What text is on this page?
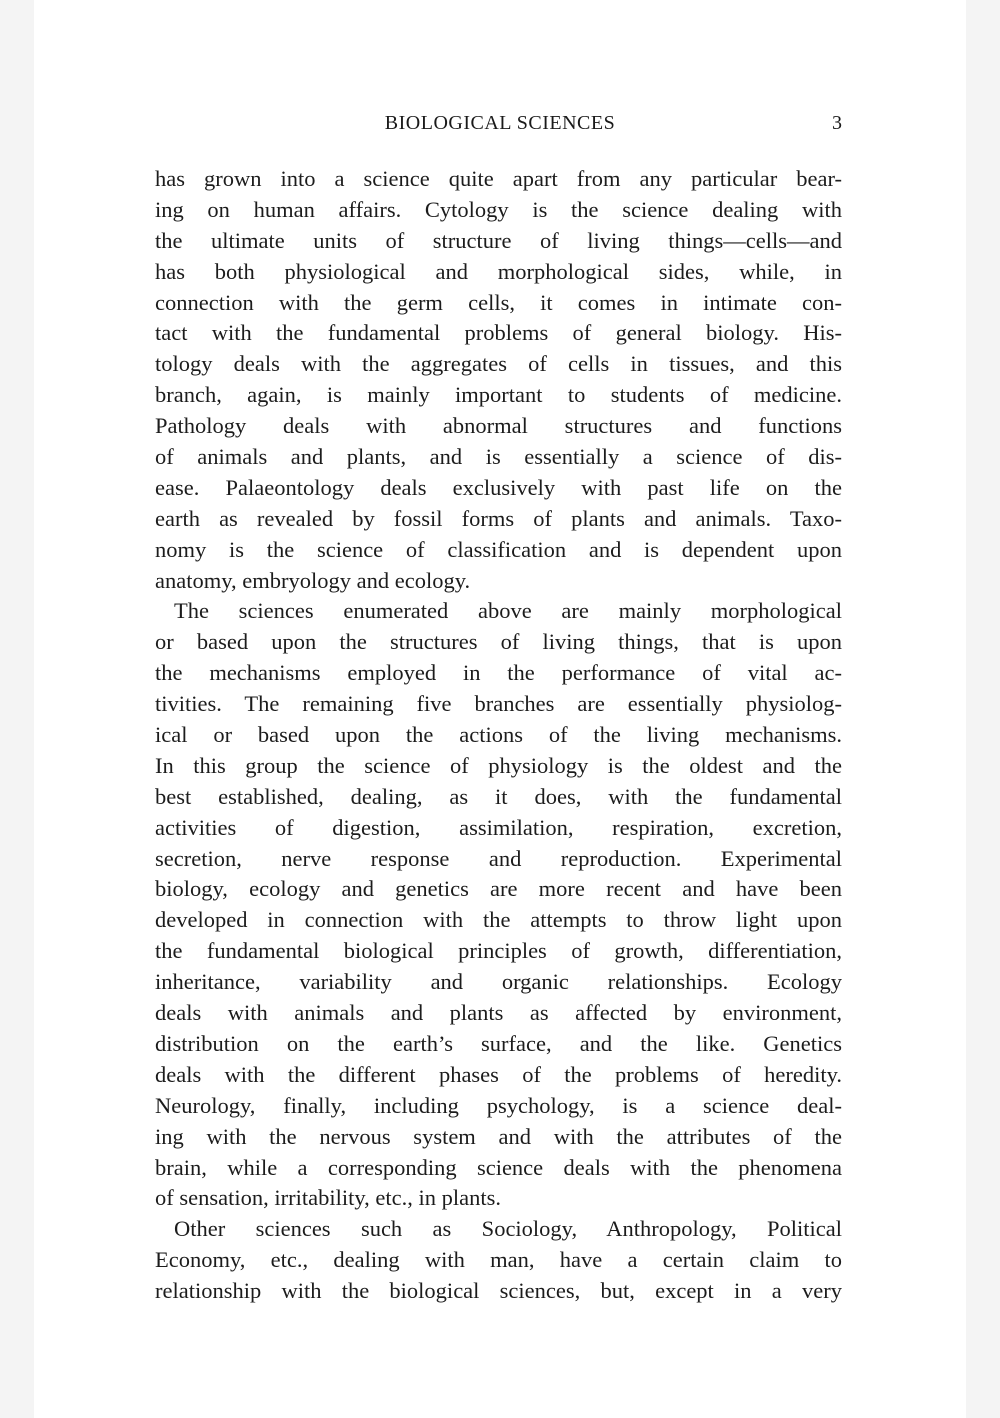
BIOLOGICAL SCIENCES	3
has grown into a science quite apart from any particular bear-
ing on human affairs. Cytology is the science dealing with
the ultimate units of structure of living things—cells—and
has both physiological and morphological sides, while, in
connection with the germ cells, it comes in intimate con-
tact with the fundamental problems of general biology. His-
tology deals with the aggregates of cells in tissues, and this
branch, again, is mainly important to students of medicine.
Pathology deals with abnormal structures and functions
of animals and plants, and is essentially a science of dis-
ease. Palaeontology deals exclusively with past life on the
earth as revealed by fossil forms of plants and animals. Taxo-
nomy is the science of classification and is dependent upon
anatomy, embryology and ecology.
The sciences enumerated above are mainly morphological
or based upon the structures of living things, that is upon
the mechanisms employed in the performance of vital ac-
tivities. The remaining five branches are essentially physiolog-
ical or based upon the actions of the living mechanisms.
In this group the science of physiology is the oldest and the
best established, dealing, as it does, with the fundamental
activities of digestion, assimilation, respiration, excretion,
secretion, nerve response and reproduction. Experimental
biology, ecology and genetics are more recent and have been
developed in connection with the attempts to throw light upon
the fundamental biological principles of growth, differentiation,
inheritance, variability and organic relationships. Ecology
deals with animals and plants as affected by environment,
distribution on the earth’s surface, and the like. Genetics
deals with the different phases of the problems of heredity.
Neurology, finally, including psychology, is a science deal-
ing with the nervous system and with the attributes of the
brain, while a corresponding science deals with the phenomena
of sensation, irritability, etc., in plants.
Other sciences such as Sociology, Anthropology, Political
Economy, etc., dealing with man, have a certain claim to
relationship with the biological sciences, but, except in a very
